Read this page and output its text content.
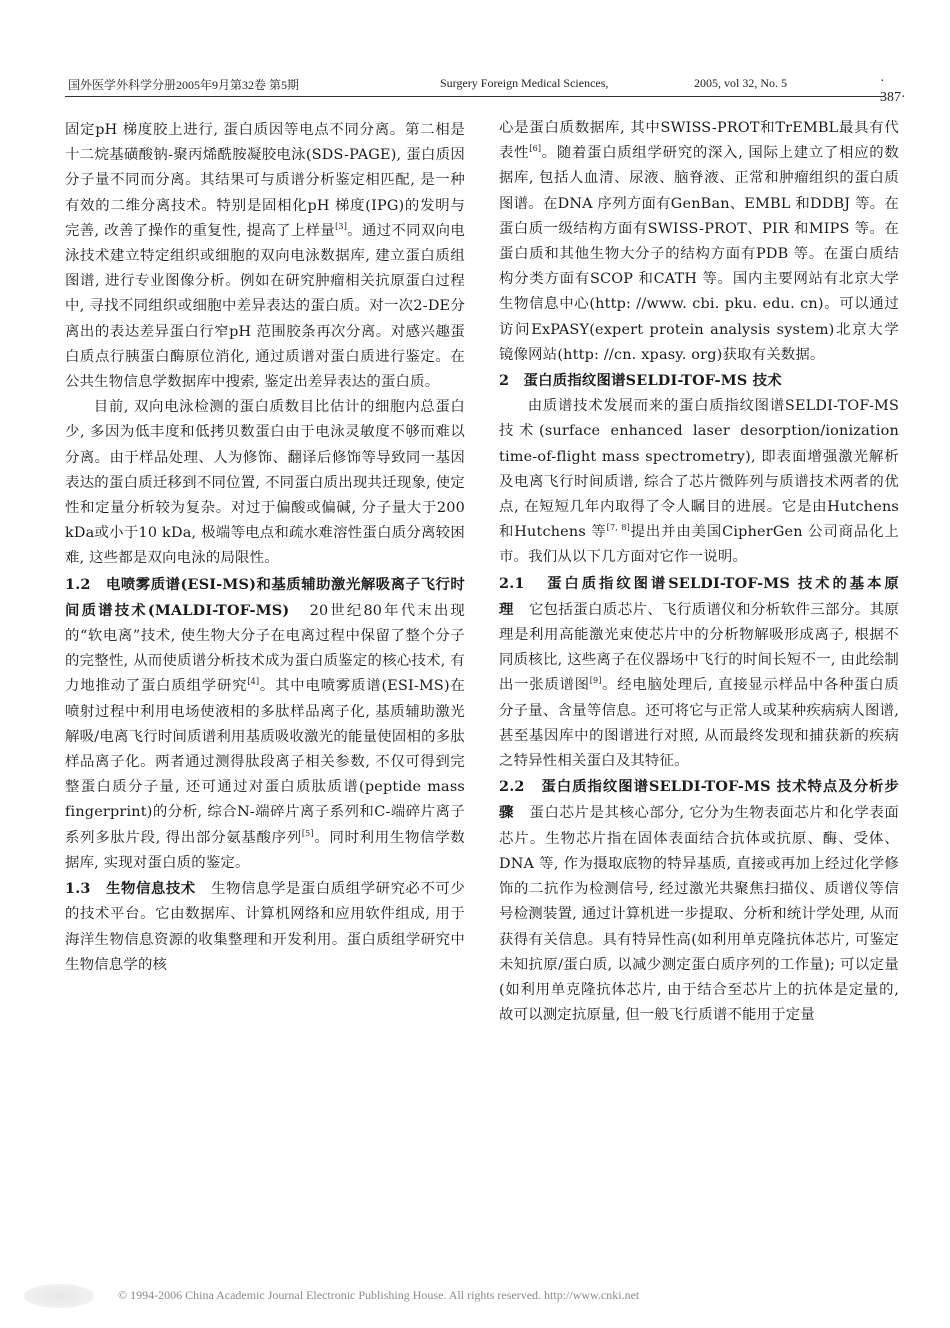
国外医学外科学分册2005年9月第32卷 第5期	Surgery Foreign Medical Sciences,	2005, vol 32, No. 5	· 387·

固定pH 梯度胶上进行, 蛋白质因等电点不同分离。第二相是十二烷基磺酸钠-聚丙烯酰胺凝胶电泳(SDS-PAGE), 蛋白质因分子量不同而分离。其结果可与质谱分析鉴定相匹配, 是一种有效的二维分离技术。特别是固相化pH 梯度(IPG)的发明与完善, 改善了操作的重复性, 提高了上样量[3]。通过不同双向电泳技术建立特定组织或细胞的双向电泳数据库, 建立蛋白质组图谱, 进行专业图像分析。例如在研究肿瘤相关抗原蛋白过程中, 寻找不同组织或细胞中差异表达的蛋白质。对一次2-DE分离出的表达差异蛋白行窄pH 范围胶条再次分离。对感兴趣蛋白质点行胰蛋白酶原位消化, 通过质谱对蛋白质进行鉴定。在公共生物信息学数据库中搜索, 鉴定出差异表达的蛋白质。

目前, 双向电泳检测的蛋白质数目比估计的细胞内总蛋白少, 多因为低丰度和低拷贝数蛋白由于电泳灵敏度不够而难以分离。由于样品处理、人为修饰、翻译后修饰等导致同一基因表达的蛋白质迁移到不同位置, 不同蛋白质出现共迁现象, 使定性和定量分析较为复杂。对过于偏酸或偏碱, 分子量大于200 kDa或小于10 kDa, 极端等电点和疏水难溶性蛋白质分离较困难, 这些都是双向电泳的局限性。

1.2 电喷雾质谱(ESI-MS)和基质辅助激光解吸离子飞行时间质谱技术(MALDI-TOF-MS) 20世纪80年代末出现的“软电离”技术, 使生物大分子在电离过程中保留了整个分子的完整性, 从而使质谱分析技术成为蛋白质鉴定的核心技术, 有力地推动了蛋白质组学研究[4]。其中电喷雾质谱(ESI-MS)在喷射过程中利用电场使液相的多肽样品离子化, 基质辅助激光解吸/电离飞行时间质谱利用基质吸收激光的能量使固相的多肽样品离子化。两者通过测得肽段离子相关参数, 不仅可得到完整蛋白质分子量, 还可通过对蛋白质肽质谱(peptide mass fingerprint)的分析, 综合N-端碎片离子系列和C-端碎片离子系列多肽片段, 得出部分氨基酸序列[5]。同时利用生物信学数据库, 实现对蛋白质的鉴定。

1.3 生物信息技术 生物信息学是蛋白质组学研究必不可少的技术平台。它由数据库、计算机网络和应用软件组成, 用于海洋生物信息资源的收集整理和开发利用。蛋白质组学研究中生物信息学的核

心是蛋白质数据库, 其中SWISS-PROT和TrEMBL最具有代表性[6]。随着蛋白质组学研究的深入, 国际上建立了相应的数据库, 包括人血清、尿液、脑脊液、正常和肿瘤组织的蛋白质图谱。在DNA 序列方面有GenBan、EMBL 和DDBJ 等。在蛋白质一级结构方面有SWISS-PROT、PIR 和MIPS 等。在蛋白质和其他生物大分子的结构方面有PDB 等。在蛋白质结构分类方面有SCOP 和CATH 等。国内主要网站有北京大学生物信息中心(http: //www. cbi. pku. edu. cn)。可以通过访问ExPASY(expert protein analysis system)北京大学镜像网站(http: //cn. xpasy. org)获取有关数据。

2 蛋白质指纹图谱SELDI-TOF-MS 技术

由质谱技术发展而来的蛋白质指纹图谱SELDI-TOF-MS 技术(surface enhanced laser desorption/ionization time-of-flight mass spectrometry), 即表面增强激光解析及电离飞行时间质谱, 综合了芯片微阵列与质谱技术两者的优点, 在短短几年内取得了令人瞩目的进展。它是由Hutchens 和Hutchens 等[7, 8]提出并由美国CipherGen 公司商品化上市。我们从以下几方面对它作一说明。

2.1 蛋白质指纹图谱SELDI-TOF-MS 技术的基本原理 它包括蛋白质芯片、飞行质谱仪和分析软件三部分。其原理是利用高能激光束使芯片中的分析物解吸形成离子, 根据不同质核比, 这些离子在仪器场中飞行的时间长短不一, 由此绘制出一张质谱图[9]。经电脑处理后, 直接显示样品中各种蛋白质分子量、含量等信息。还可将它与正常人或某种疾病病人图谱, 甚至基因库中的图谱进行对照, 从而最终发现和捕获新的疾病之特异性相关蛋白及其特征。

2.2 蛋白质指纹图谱SELDI-TOF-MS 技术特点及分析步骤 蛋白芯片是其核心部分, 它分为生物表面芯片和化学表面芯片。生物芯片指在固体表面结合抗体或抗原、酶、受体、DNA 等, 作为摄取底物的特异基质, 直接或再加上经过化学修饰的二抗作为检测信号, 经过激光共聚焦扫描仪、质谱仪等信号检测装置, 通过计算机进一步提取、分析和统计学处理, 从而获得有关信息。具有特异性高(如利用单克隆抗体芯片, 可鉴定未知抗原/蛋白质, 以减少测定蛋白质序列的工作量); 可以定量(如利用单克隆抗体芯片, 由于结合至芯片上的抗体是定量的, 故可以测定抗原量, 但一般飞行质谱不能用于定量

© 1994-2006 China Academic Journal Electronic Publishing House. All rights reserved. http://www.cnki.net
